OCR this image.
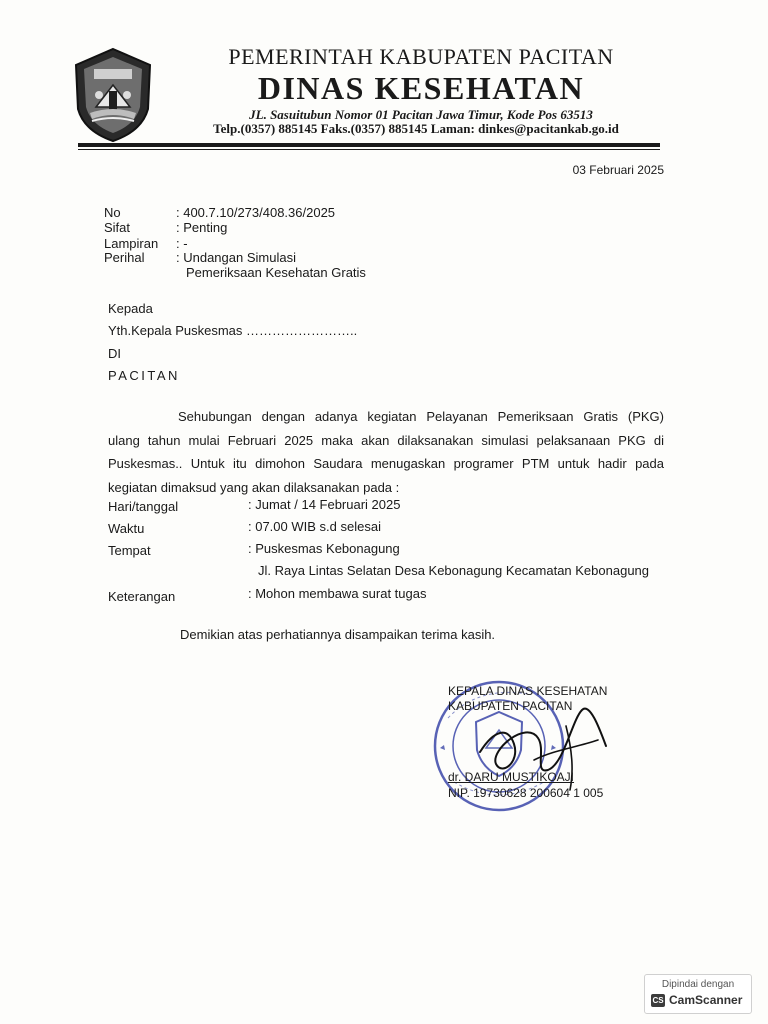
PEMERINTAH KABUPATEN PACITAN
DINAS KESEHATAN
JL. Sasuitubun Nomor 01 Pacitan Jawa Timur, Kode Pos 63513
Telp.(0357) 885145 Faks.(0357) 885145 Laman: dinkes@pacitankab.go.id
03 Februari 2025
No	: 400.7.10/273/408.36/2025
Sifat	: Penting
Lampiran : -
Perihal : Undangan Simulasi
Pemeriksaan Kesehatan Gratis
Kepada
Yth.Kepala Puskesmas ……………………..
DI
PACITAN
Sehubungan dengan adanya kegiatan Pelayanan Pemeriksaan Gratis (PKG)
ulang tahun mulai Februari 2025 maka akan dilaksanakan simulasi pelaksanaan PKG di
Puskesmas.. Untuk itu dimohon Saudara menugaskan programer PTM untuk hadir pada
kegiatan dimaksud yang akan dilaksanakan pada :
Hari/tanggal	: Jumat / 14 Februari 2025
Waktu	: 07.00 WIB s.d selesai
Tempat	: Puskesmas Kebonagung
Jl. Raya Lintas Selatan Desa Kebonagung Kecamatan Kebonagung
Keterangan	: Mohon membawa surat tugas
Demikian atas perhatiannya disampaikan terima kasih.
KEPALA DINAS KESEHATAN
KABUPATEN PACITAN
dr. DARU MUSTIKOAJI
NIP. 19730628 200604 1 005
Dipindai dengan
CS CamScanner
